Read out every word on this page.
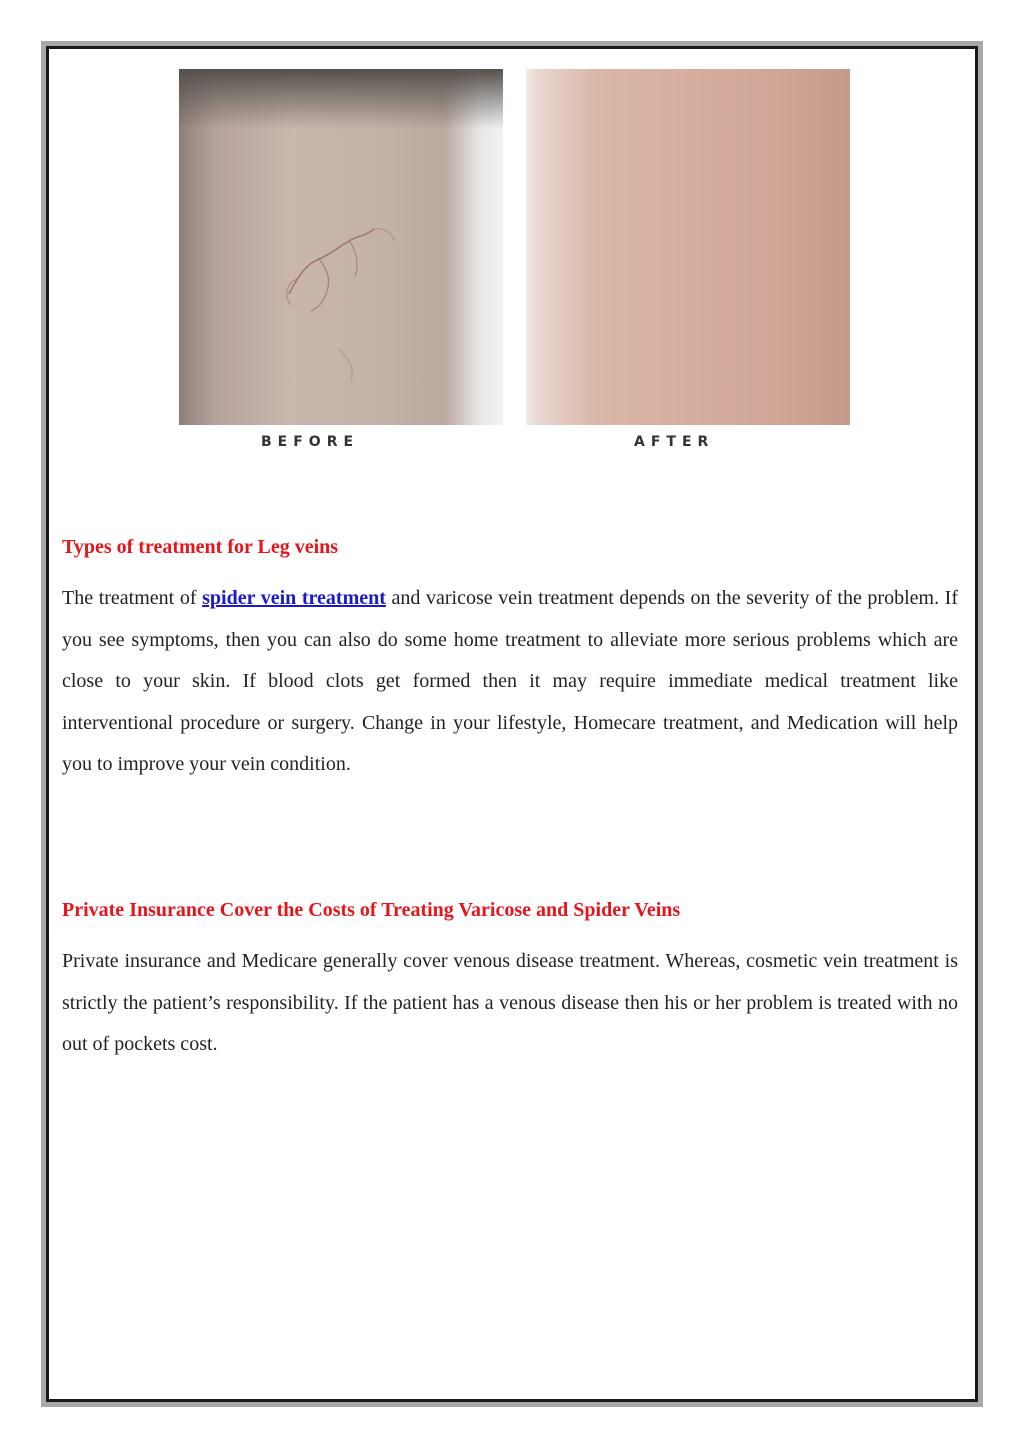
BEFORE	AFTER
Types of treatment for Leg veins

The treatment of spider vein treatment and varicose vein treatment depends on the severity of the problem. If you see symptoms, then you can also do some home treatment to alleviate more serious problems which are close to your skin. If blood clots get formed then it may require immediate medical treatment like interventional procedure or surgery. Change in your lifestyle, Homecare treatment, and Medication will help you to improve your vein condition.

Private Insurance Cover the Costs of Treating Varicose and Spider Veins

Private insurance and Medicare generally cover venous disease treatment. Whereas, cosmetic vein treatment is strictly the patient’s responsibility. If the patient has a venous disease then his or her problem is treated with no out of pockets cost.
